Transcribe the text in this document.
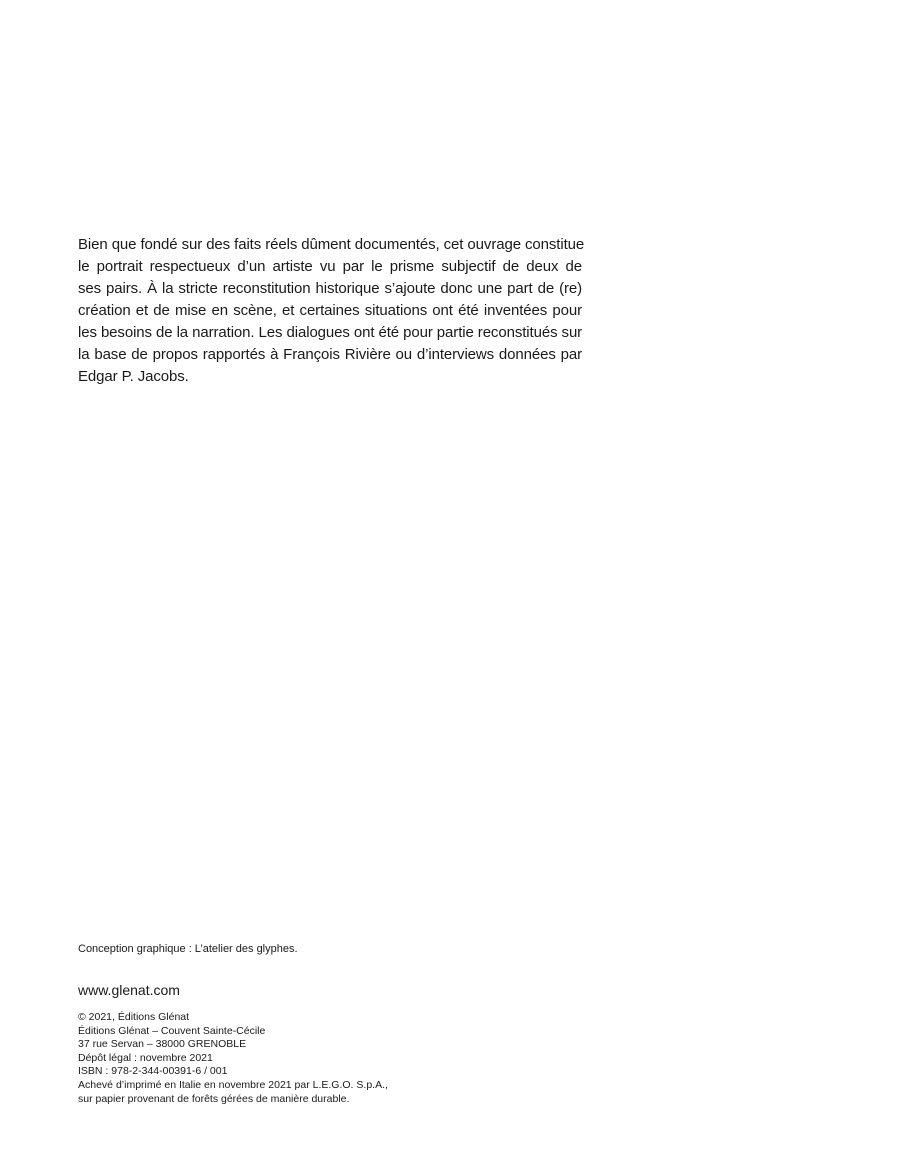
Bien que fondé sur des faits réels dûment documentés, cet ouvrage constitue
le portrait respectueux d’un artiste vu par le prisme subjectif de deux de
ses pairs. À la stricte reconstitution historique s’ajoute donc une part de (re)
création et de mise en scène, et certaines situations ont été inventées pour
les besoins de la narration. Les dialogues ont été pour partie reconstitués sur
la base de propos rapportés à François Rivière ou d’interviews données par
Edgar P. Jacobs.
Conception graphique : L’atelier des glyphes.
www.glenat.com
© 2021, Éditions Glénat
Éditions Glénat – Couvent Sainte-Cécile
37 rue Servan – 38000 GRENOBLE
Dépôt légal : novembre 2021
ISBN : 978-2-344-00391-6 / 001
Achevé d’imprimé en Italie en novembre 2021 par L.E.G.O. S.p.A.,
sur papier provenant de forêts gérées de manière durable.
